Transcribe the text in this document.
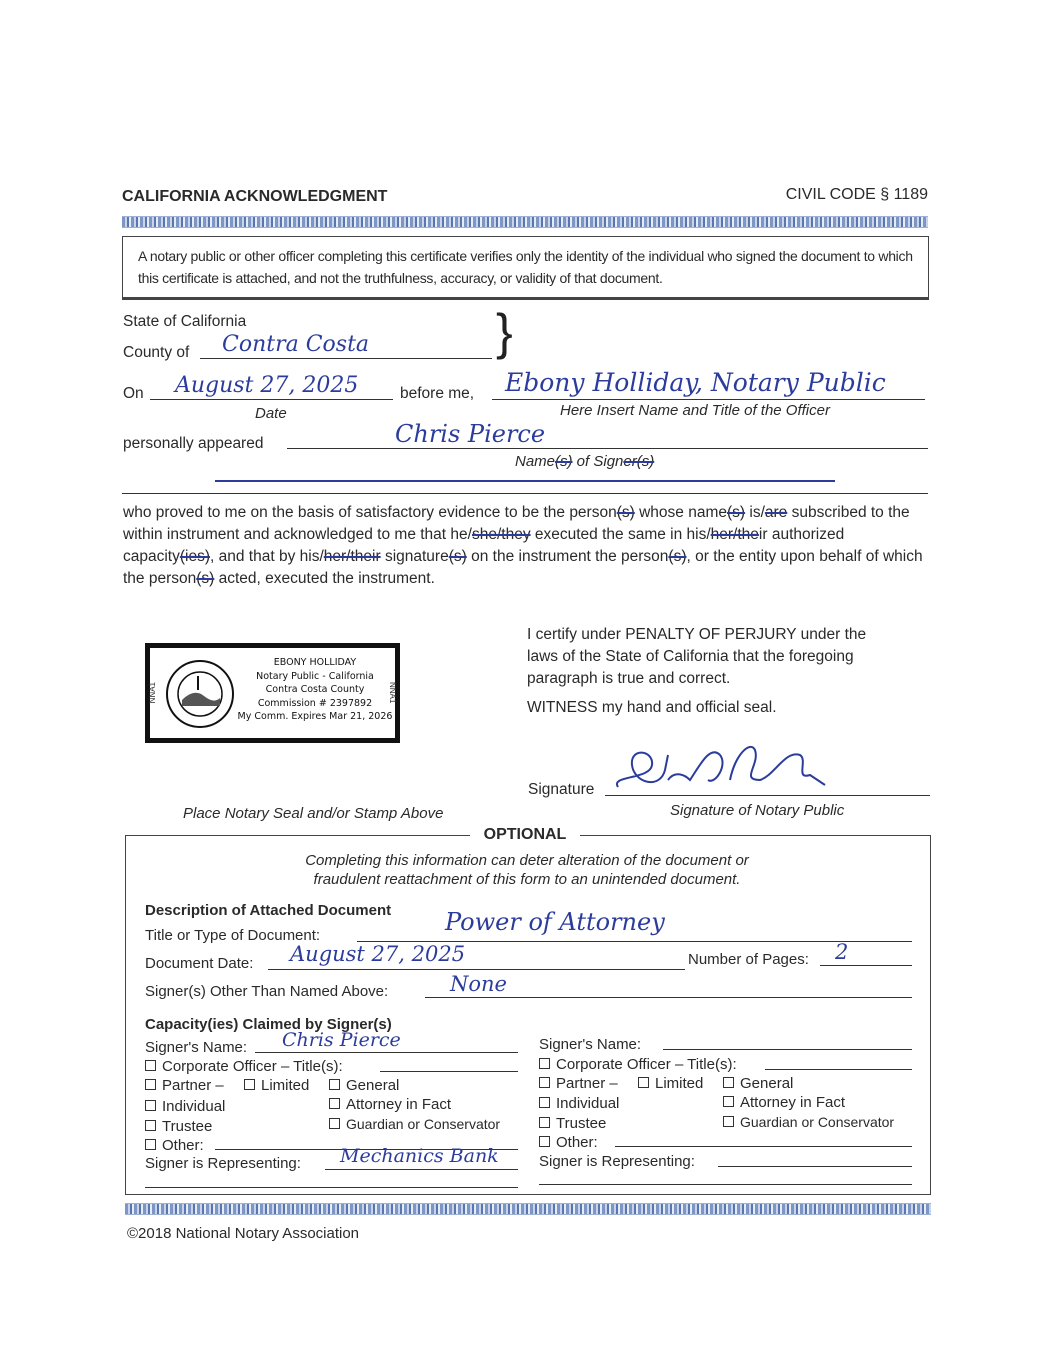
CALIFORNIA ACKNOWLEDGMENT	CIVIL CODE § 1189
A notary public or other officer completing this certificate verifies only the identity of the individual who signed the document to which this certificate is attached, and not the truthfulness, accuracy, or validity of that document.
State of California
County of Contra Costa	}
On August 27, 2025
Date
before me, Ebony Holliday, Notary Public
Here Insert Name and Title of the Officer
personally appeared	Chris Pierce
Name(s) of Signer(s)
who proved to me on the basis of satisfactory evidence to be the person(s) whose name(s) is/are subscribed to the within instrument and acknowledged to me that he/she/they executed the same in his/her/their authorized capacity(ies), and that by his/her/their signature(s) on the instrument the person(s), or the entity upon behalf of which the person(s) acted, executed the instrument.
I certify under PENALTY OF PERJURY under the
laws of the State of California that the foregoing
paragraph is true and correct.
WITNESS my hand and official seal.
Signature
Signature of Notary Public
NNA1	NNA1
EBONY HOLLIDAY
Notary Public - California
Contra Costa County
Commission # 2397892
My Comm. Expires Mar 21, 2026
Place Notary Seal and/or Stamp Above
OPTIONAL
Completing this information can deter alteration of the document or
fraudulent reattachment of this form to an unintended document.
Description of Attached Document
Title or Type of Document:	Power of Attorney
Document Date: August 27, 2025	Number of Pages: 2
Signer(s) Other Than Named Above:	None
Capacity(ies) Claimed by Signer(s)
Signer's Name: Chris Pierce
Corporate Officer – Title(s):
Partner –	Limited	General
Individual	Attorney in Fact
Trustee	Guardian or Conservator
Other:
Signer is Representing: Mechanics Bank
Signer's Name:
Corporate Officer – Title(s):
Partner –	Limited	General
Individual	Attorney in Fact
Trustee	Guardian or Conservator
Other:
Signer is Representing:
©2018 National Notary Association
